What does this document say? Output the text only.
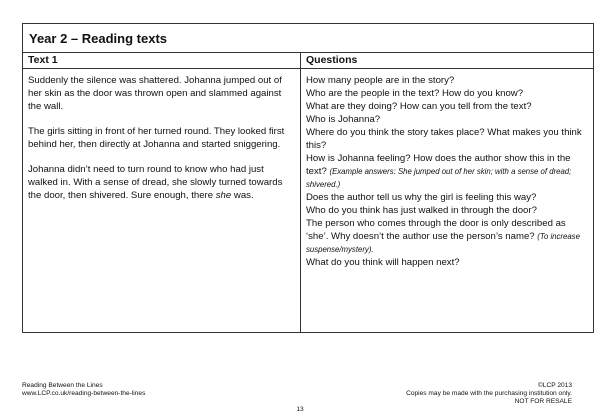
Year 2 – Reading texts
Text 1

Suddenly the silence was shattered. Johanna jumped out of her skin as the door was thrown open and slammed against the wall.

The girls sitting in front of her turned round. They looked first behind her, then directly at Johanna and started sniggering.

Johanna didn’t need to turn round to know who had just walked in. With a sense of dread, she slowly turned towards the door, then shivered. Sure enough, there she was.

Questions
How many people are in the story?
Who are the people in the text? How do you know?
What are they doing? How can you tell from the text?
Who is Johanna?
Where do you think the story takes place? What makes you think this?
How is Johanna feeling? How does the author show this in the text? (Example answers: She jumped out of her skin; with a sense of dread; shivered.)
Does the author tell us why the girl is feeling this way?
Who do you think has just walked in through the door?
The person who comes through the door is only described as ‘she’. Why doesn’t the author use the person’s name? (To increase suspense/mystery).
What do you think will happen next?
Reading Between the Lines
www.LCP.co.uk/reading-between-the-lines
©LCP 2013
Copies may be made with the purchasing institution only.
NOT FOR RESALE
13
